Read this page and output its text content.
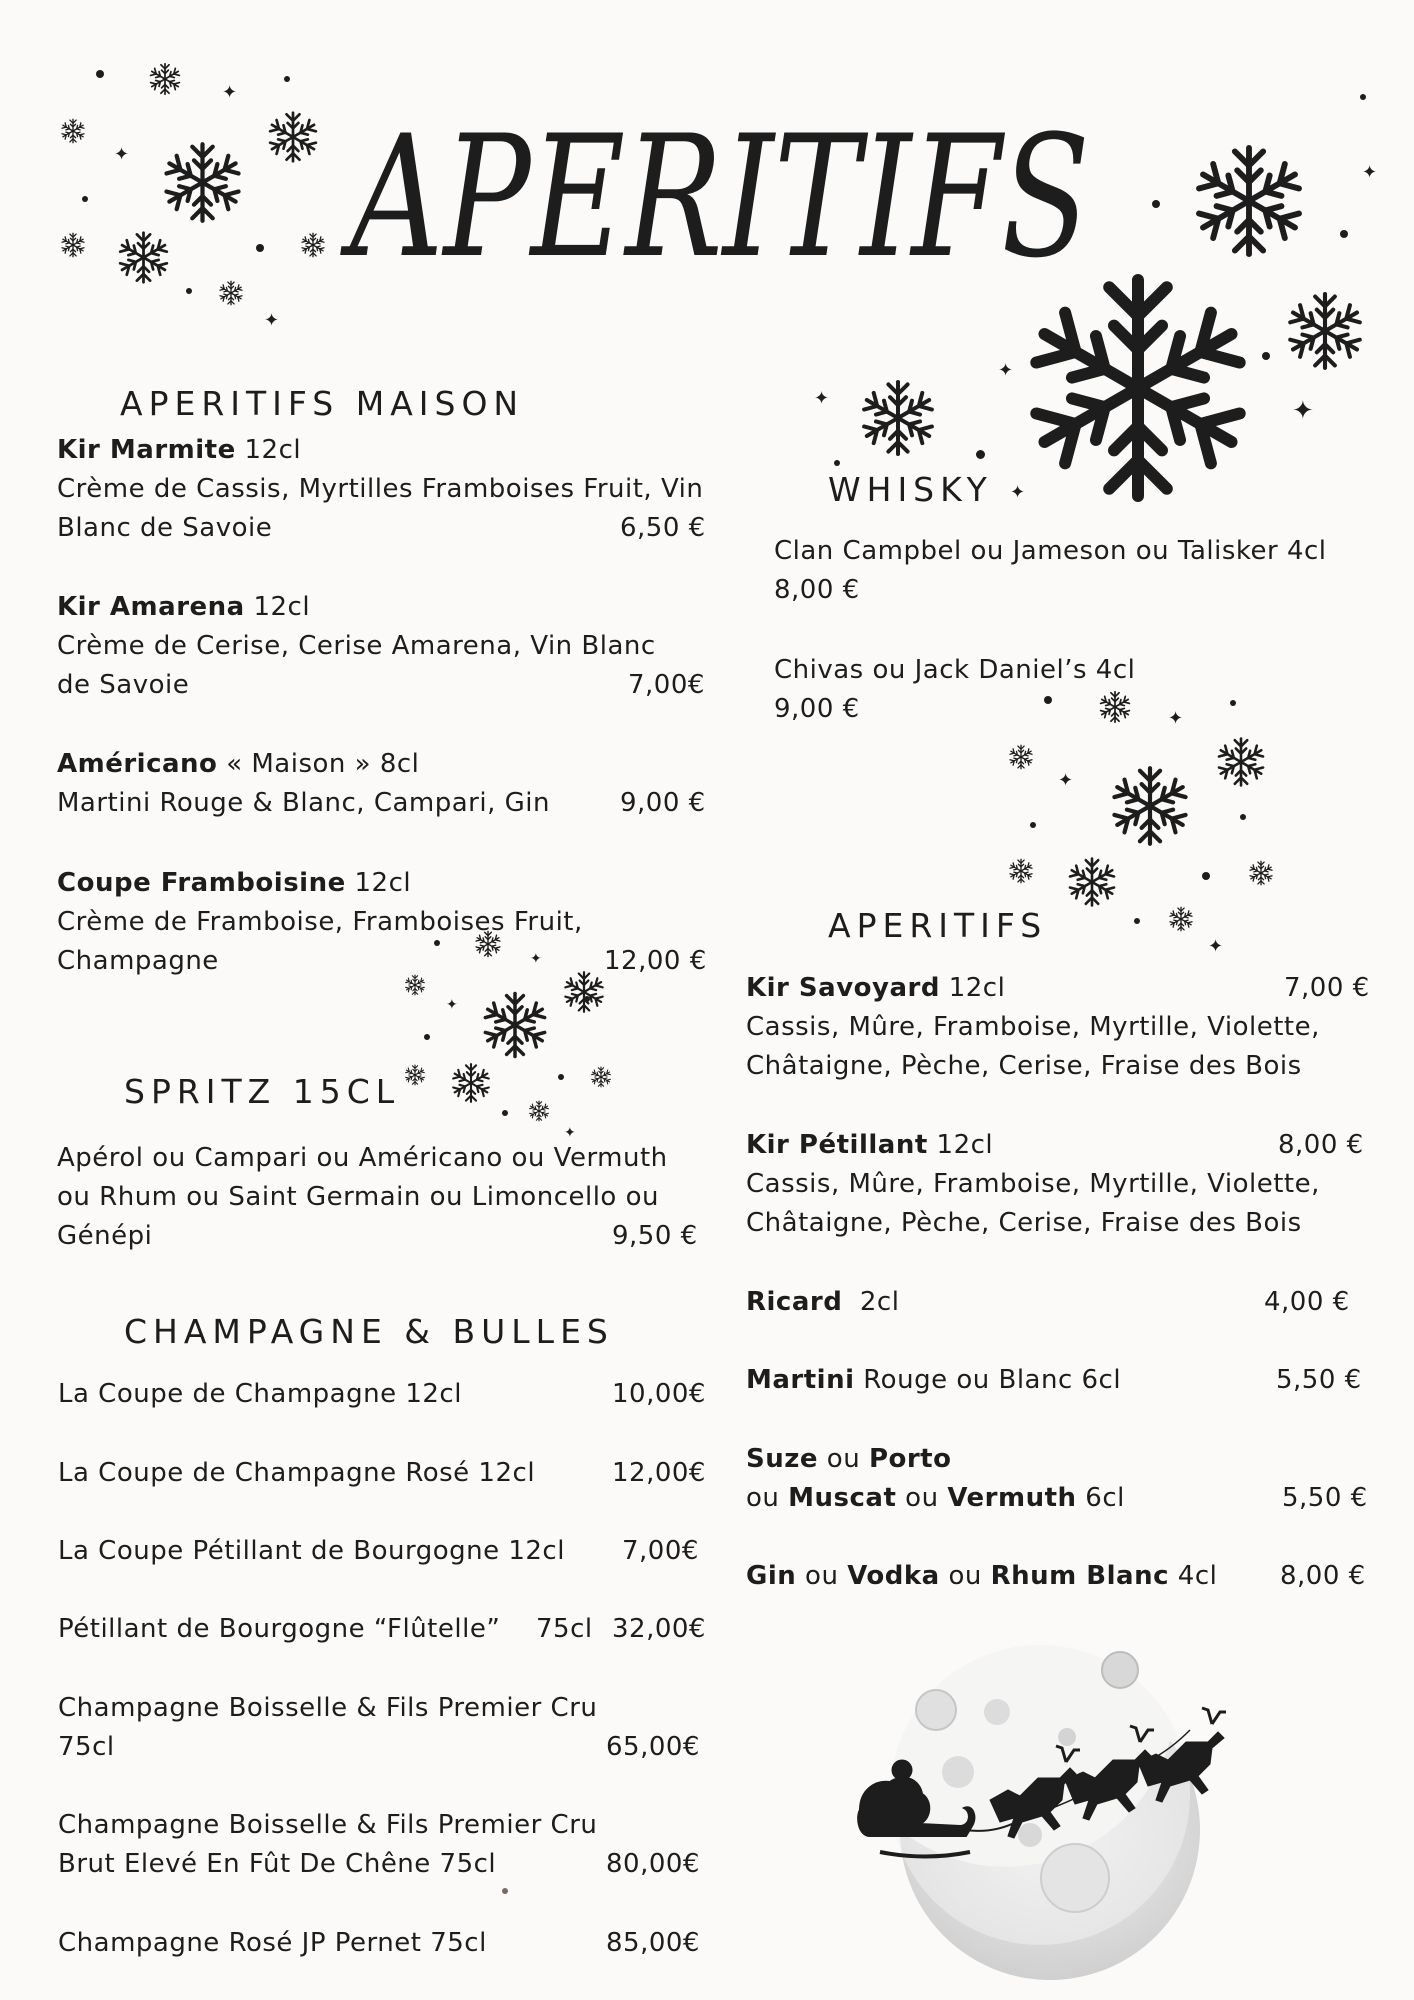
APERITIFS
✦
✦
✦
✦
✦
✦
✦
✦
✦
✦
✦
✦
✦
✦
APERITIFS MAISON
Kir Marmite 12cl
Crème de Cassis, Myrtilles Framboises Fruit, Vin
Blanc de Savoie	6,50 €
Kir Amarena 12cl
Crème de Cerise, Cerise Amarena, Vin Blanc
de Savoie	7,00€
Américano « Maison » 8cl
Martini Rouge & Blanc, Campari, Gin	9,00 €
Coupe Framboisine 12cl
Crème de Framboise, Framboises Fruit,
Champagne	12,00 €
SPRITZ 15CL
Apérol ou Campari ou Américano ou Vermuth
ou Rhum ou Saint Germain ou Limoncello ou
Génépi	9,50 €
CHAMPAGNE & BULLES
La Coupe de Champagne 12cl	10,00€
La Coupe de Champagne Rosé 12cl	12,00€
La Coupe Pétillant de Bourgogne 12cl 7,00€
Pétillant de Bourgogne “Flûtelle” 75cl 32,00€
Champagne Boisselle & Fils Premier Cru
75cl	65,00€
Champagne Boisselle & Fils Premier Cru
Brut Elevé En Fût De Chêne 75cl	80,00€
Champagne Rosé JP Pernet 75cl	85,00€
WHISKY
Clan Campbel ou Jameson ou Talisker 4cl
8,00 €
Chivas ou Jack Daniel’s 4cl
9,00 €
APERITIFS
Kir Savoyard 12cl
Cassis, Mûre, Framboise, Myrtille, Violette,
Châtaigne, Pèche, Cerise, Fraise des Bois
7,00 €
Kir Pétillant 12cl
Cassis, Mûre, Framboise, Myrtille, Violette,
Châtaigne, Pèche, Cerise, Fraise des Bois
8,00 €
Ricard 2cl	4,00 €
Martini Rouge ou Blanc 6cl	5,50 €
Suze ou Porto
ou Muscat ou Vermuth 6cl	5,50 €
Gin ou Vodka ou Rhum Blanc 4cl 8,00 €
